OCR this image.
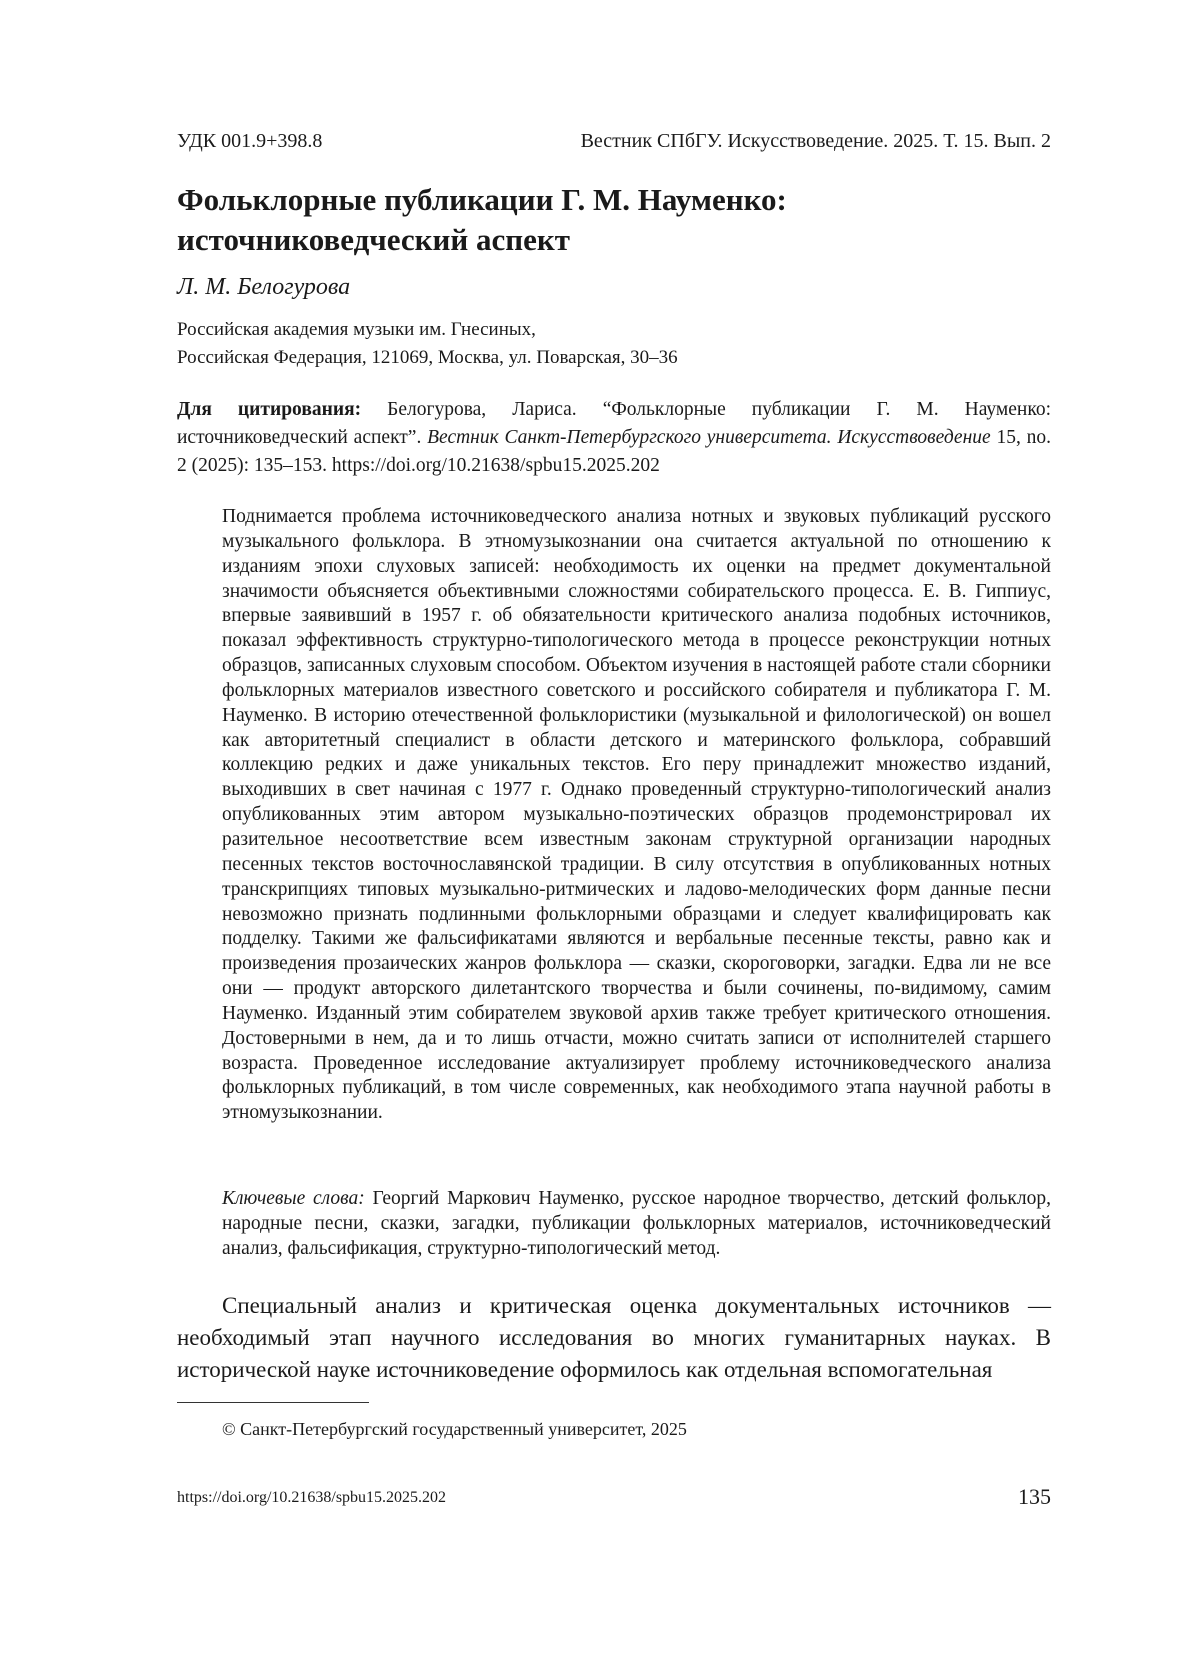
УДК 001.9+398.8	Вестник СПбГУ. Искусствоведение. 2025. Т. 15. Вып. 2
Фольклорные публикации Г. М. Науменко:
источниковедческий аспект
Л. М. Белогурова
Российская академия музыки им. Гнесиных,
Российская Федерация, 121069, Москва, ул. Поварская, 30–36
Для цитирования: Белогурова, Лариса. “Фольклорные публикации Г. М. Науменко: источниковедческий аспект”. Вестник Санкт-Петербургского университета. Искусствоведение 15, no. 2 (2025): 135–153. https://doi.org/10.21638/spbu15.2025.202
Поднимается проблема источниковедческого анализа нотных и звуковых публикаций русского музыкального фольклора. В этномузыкознании она считается актуальной по отношению к изданиям эпохи слуховых записей: необходимость их оценки на предмет документальной значимости объясняется объективными сложностями собирательского процесса. Е. В. Гиппиус, впервые заявивший в 1957 г. об обязательности критического анализа подобных источников, показал эффективность структурно-типологического метода в процессе реконструкции нотных образцов, записанных слуховым способом. Объектом изучения в настоящей работе стали сборники фольклорных материалов известного советского и российского собирателя и публикатора Г. М. Науменко. В историю отечественной фольклористики (музыкальной и филологической) он вошел как авторитетный специалист в области детского и материнского фольклора, собравший коллекцию редких и даже уникальных текстов. Его перу принадлежит множество изданий, выходивших в свет начиная с 1977 г. Однако проведенный структурно-типологический анализ опубликованных этим автором музыкально-поэтических образцов продемонстрировал их разительное несоответствие всем известным законам структурной организации народных песенных текстов восточнославянской традиции. В силу отсутствия в опубликованных нотных транскрипциях типовых музыкально-ритмических и ладово-мелодических форм данные песни невозможно признать подлинными фольклорными образцами и следует квалифицировать как подделку. Такими же фальсификатами являются и вербальные песенные тексты, равно как и произведения прозаических жанров фольклора — сказки, скороговорки, загадки. Едва ли не все они — продукт авторского дилетантского творчества и были сочинены, по-видимому, самим Науменко. Изданный этим собирателем звуковой архив также требует критического отношения. Достоверными в нем, да и то лишь отчасти, можно считать записи от исполнителей старшего возраста. Проведенное исследование актуализирует проблему источниковедческого анализа фольклорных публикаций, в том числе современных, как необходимого этапа научной работы в этномузыкознании.
Ключевые слова: Георгий Маркович Науменко, русское народное творчество, детский фольклор, народные песни, сказки, загадки, публикации фольклорных материалов, источниковедческий анализ, фальсификация, структурно-типологический метод.
Специальный анализ и критическая оценка документальных источников — необходимый этап научного исследования во многих гуманитарных науках. В исторической науке источниковедение оформилось как отдельная вспомогательная
© Санкт-Петербургский государственный университет, 2025
https://doi.org/10.21638/spbu15.2025.202	135
